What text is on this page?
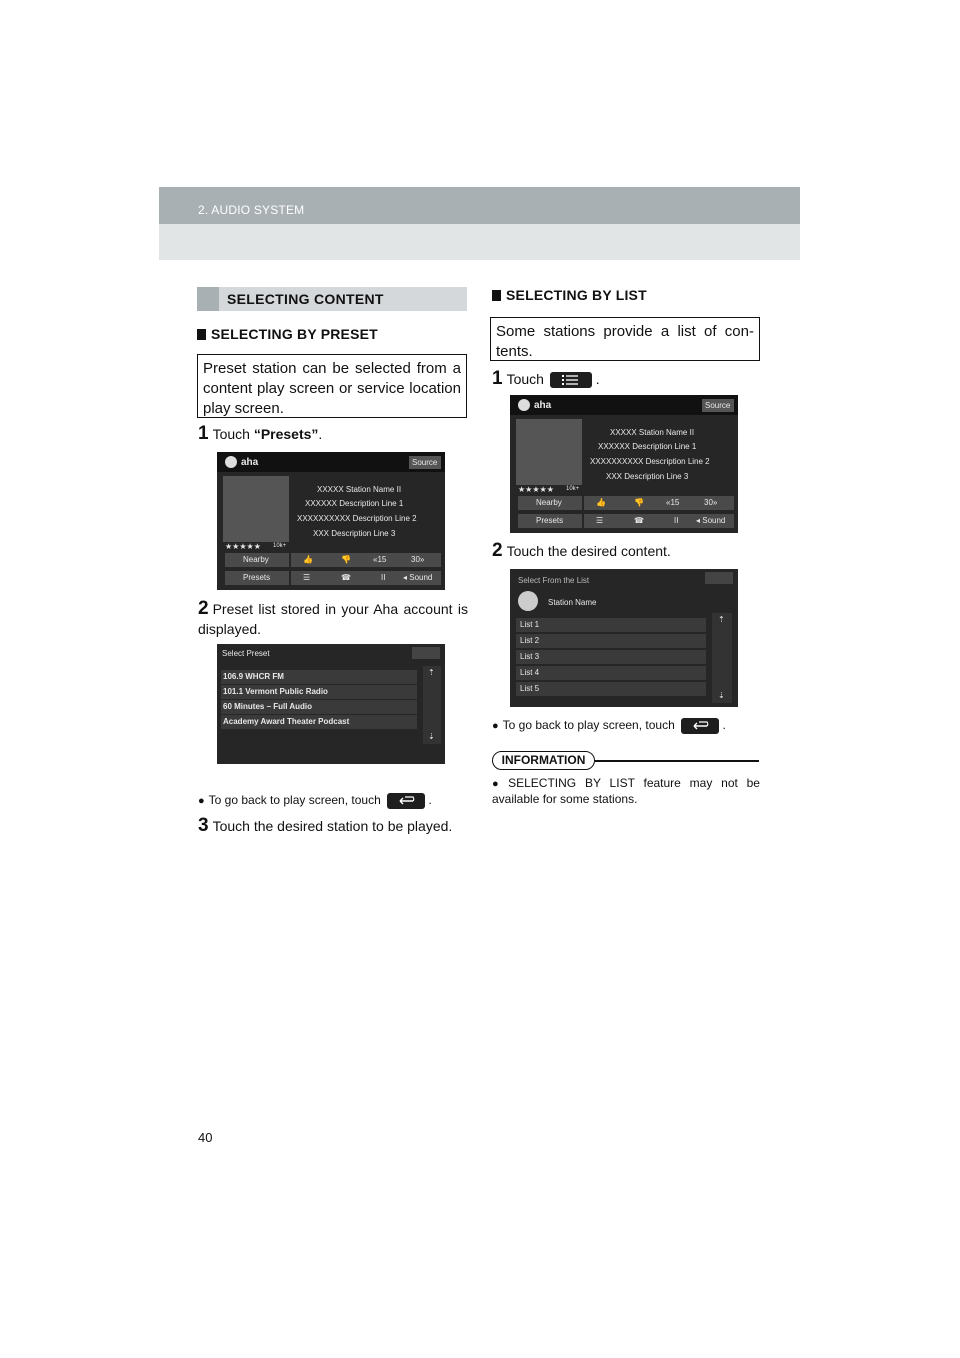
2. AUDIO SYSTEM
SELECTING CONTENT
SELECTING BY PRESET
Preset station can be selected from a content play screen or service location play screen.
1 Touch “Presets”.
aha	Source
XXXXX Station Name II
XXXXXX Description Line 1
XXXXXXXXXX Description Line 2
XXX Description Line 3
★★★★★ 10k+
Nearby	👍	👎	«15	30»
Presets	☰	☎	II ◂ Sound
2 Preset list stored in your Aha account is displayed.
Select Preset
106.9 WHCR FM
101.1 Vermont Public Radio
60 Minutes – Full Audio
Academy Award Theater Podcast
⇡
⇣
● To go back to play screen, touch	.
3 Touch the desired station to be played.
SELECTING BY LIST
Some stations provide a list of con-tents.
1 Touch	.
aha	Source
XXXXX Station Name II
XXXXXX Description Line 1
XXXXXXXXXX Description Line 2
XXX Description Line 3
★★★★★ 10k+
Nearby	👍	👎	«15	30»
Presets	☰	☎	II ◂ Sound
2 Touch the desired content.
Select From the List
Station Name
List 1
List 2
List 3
List 4
List 5
⇡
⇣
● To go back to play screen, touch	.
INFORMATION
● SELECTING BY LIST feature may not be available for some stations.
40
